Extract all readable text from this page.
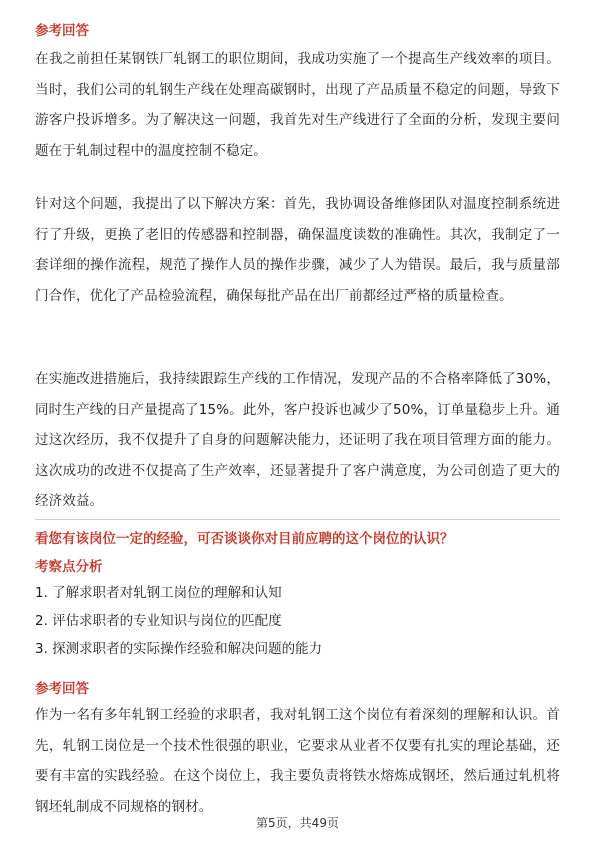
参考回答
在我之前担任某钢铁厂轧钢工的职位期间，我成功实施了一个提高生产线效率的项目。当时，我们公司的轧钢生产线在处理高碳钢时，出现了产品质量不稳定的问题，导致下游客户投诉增多。为了解决这一问题，我首先对生产线进行了全面的分析，发现主要问题在于轧制过程中的温度控制不稳定。
针对这个问题，我提出了以下解决方案：首先，我协调设备维修团队对温度控制系统进行了升级，更换了老旧的传感器和控制器，确保温度读数的准确性。其次，我制定了一套详细的操作流程，规范了操作人员的操作步骤，减少了人为错误。最后，我与质量部门合作，优化了产品检验流程，确保每批产品在出厂前都经过严格的质量检查。
在实施改进措施后，我持续跟踪生产线的工作情况，发现产品的不合格率降低了30%，同时生产线的日产量提高了15%。此外，客户投诉也减少了50%，订单量稳步上升。通过这次经历，我不仅提升了自身的问题解决能力，还证明了我在项目管理方面的能力。这次成功的改进不仅提高了生产效率，还显著提升了客户满意度，为公司创造了更大的经济效益。
看您有该岗位一定的经验，可否谈谈你对目前应聘的这个岗位的认识？
考察点分析
1. 了解求职者对轧钢工岗位的理解和认知
2. 评估求职者的专业知识与岗位的匹配度
3. 探测求职者的实际操作经验和解决问题的能力
参考回答
作为一名有多年轧钢工经验的求职者，我对轧钢工这个岗位有着深刻的理解和认识。首先，轧钢工岗位是一个技术性很强的职业，它要求从业者不仅要有扎实的理论基础，还要有丰富的实践经验。在这个岗位上，我主要负责将铁水熔炼成钢坯，然后通过轧机将钢坯轧制成不同规格的钢材。
第5页，共49页
